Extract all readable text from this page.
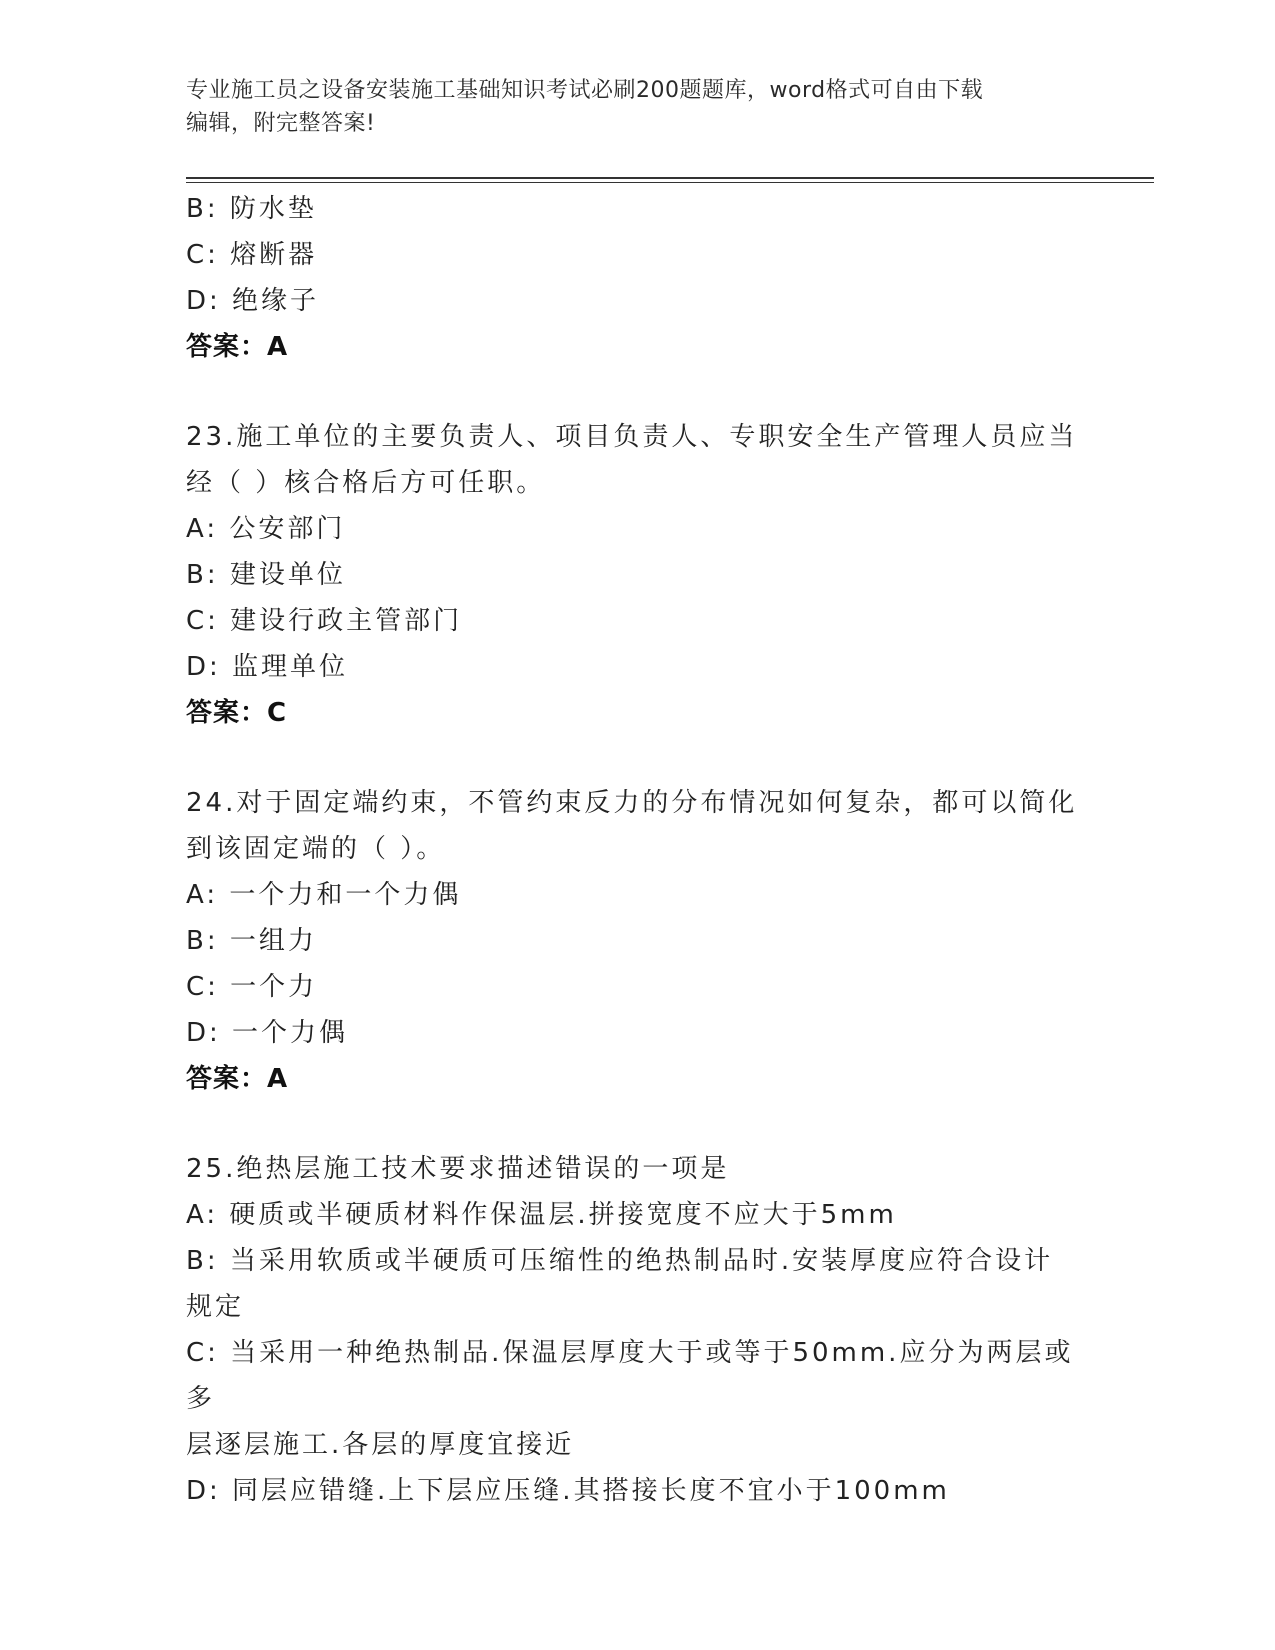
专业施工员之设备安装施工基础知识考试必刷200题题库，word格式可自由下载
编辑，附完整答案!
B: 防水垫
C: 熔断器
D: 绝缘子
答案：A
23.施工单位的主要负责人、项目负责人、专职安全生产管理人员应当
经（ ）核合格后方可任职。
A: 公安部门
B: 建设单位
C: 建设行政主管部门
D: 监理单位
答案：C
24.对于固定端约束，不管约束反力的分布情况如何复杂，都可以简化
到该固定端的（ ）。
A: 一个力和一个力偶
B: 一组力
C: 一个力
D: 一个力偶
答案：A
25.绝热层施工技术要求描述错误的一项是
A: 硬质或半硬质材料作保温层.拼接宽度不应大于5mm
B: 当采用软质或半硬质可压缩性的绝热制品时.安装厚度应符合设计
规定
C: 当采用一种绝热制品.保温层厚度大于或等于50mm.应分为两层或多
层逐层施工.各层的厚度宜接近
D: 同层应错缝.上下层应压缝.其搭接长度不宜小于100mm
